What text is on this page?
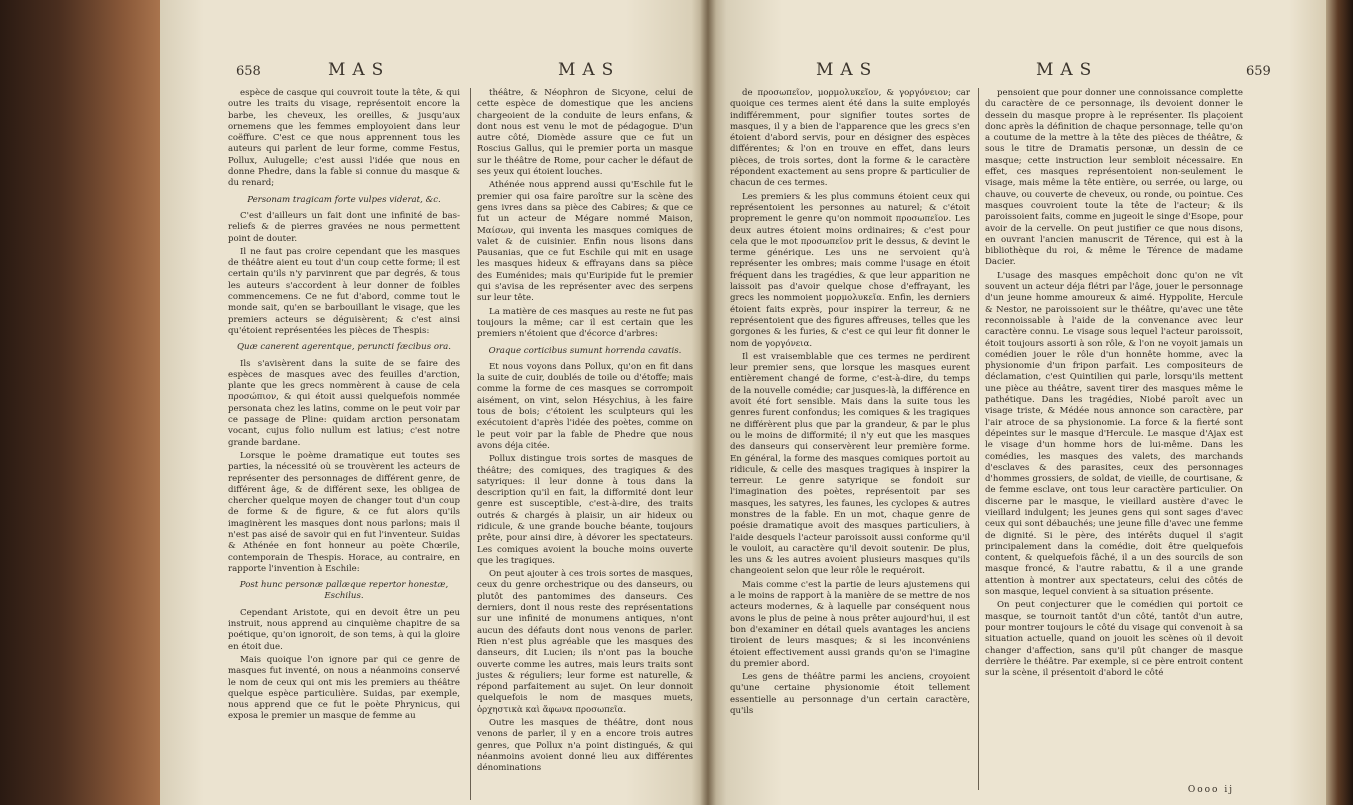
658	MAS	MAS

espèce de casque qui couvroit toute la tête, & qui outre les traits du visage, représentoit encore la barbe, les cheveux, les oreilles, & jusqu'aux ornemens que les femmes employoient dans leur coëffure. C'est ce que nous apprennent tous les auteurs qui parlent de leur forme, comme Festus, Pollux, Aulugelle; c'est aussi l'idée que nous en donne Phedre, dans la fable si connue du masque & du renard;

Personam tragicam forte vulpes viderat, &c.

C'est d'ailleurs un fait dont une infinité de bas-reliefs & de pierres gravées ne nous permettent point de douter.

Il ne faut pas croire cependant que les masques de théâtre aient eu tout d'un coup cette forme; il est certain qu'ils n'y parvinrent que par degrés, & tous les auteurs s'accordent à leur donner de foibles commencemens. Ce ne fut d'abord, comme tout le monde sait, qu'en se barbouillant le visage, que les premiers acteurs se déguisèrent; & c'est ainsi qu'étoient représentées les pièces de Thespis:

Quæ canerent agerentque, peruncti fæcibus ora.

Ils s'avisèrent dans la suite de se faire des espèces de masques avec des feuilles d'arction, plante que les grecs nommèrent à cause de cela προσώπιον, & qui étoit aussi quelquefois nommée personata chez les latins, comme on le peut voir par ce passage de Pline: quidam arction personatam vocant, cujus folio nullum est latius; c'est notre grande bardane.

Lorsque le poème dramatique eut toutes ses parties, la nécessité où se trouvèrent les acteurs de représenter des personnages de différent genre, de différent âge, & de différent sexe, les obligea de chercher quelque moyen de changer tout d'un coup de forme & de figure, & ce fut alors qu'ils imaginèrent les masques dont nous parlons; mais il n'est pas aisé de savoir qui en fut l'inventeur. Suidas & Athénée en font honneur au poète Chœrile, contemporain de Thespis. Horace, au contraire, en rapporte l'invention à Eschile:

Post hunc personæ pallæque repertor honestæ, Eschilus.

Cependant Aristote, qui en devoit être un peu instruit, nous apprend au cinquième chapitre de sa poétique, qu'on ignoroit, de son tems, à qui la gloire en étoit due.

Mais quoique l'on ignore par qui ce genre de masques fut inventé, on nous a néanmoins conservé le nom de ceux qui ont mis les premiers au théâtre quelque espèce particulière. Suidas, par exemple, nous apprend que ce fut le poète Phrynicus, qui exposa le premier un masque de femme au

théâtre, & Néophron de Sicyone, celui de cette espèce de domestique que les anciens chargeoient de la conduite de leurs enfans, & dont nous est venu le mot de pédagogue. D'un autre côté, Diomède assure que ce fut un Roscius Gallus, qui le premier porta un masque sur le théâtre de Rome, pour cacher le défaut de ses yeux qui étoient louches.

Athénée nous apprend aussi qu'Eschile fut le premier qui osa faire paroître sur la scène des gens ivres dans sa pièce des Cabires; & que ce fut un acteur de Mégare nommé Maison, Μαίσων, qui inventa les masques comiques de valet & de cuisinier. Enfin nous lisons dans Pausanias, que ce fut Eschile qui mit en usage les masques hideux & effrayans dans sa pièce des Euménides; mais qu'Euripide fut le premier qui s'avisa de les représenter avec des serpens sur leur tête.

La matière de ces masques au reste ne fut pas toujours la même; car il est certain que les premiers n'étoient que d'écorce d'arbres:

Oraque corticibus sumunt horrenda cavatis.

Et nous voyons dans Pollux, qu'on en fit dans la suite de cuir, doublés de toile ou d'étoffe; mais comme la forme de ces masques se corrompoit aisément, on vint, selon Hésychius, à les faire tous de bois; c'étoient les sculpteurs qui les exécutoient d'après l'idée des poètes, comme on le peut voir par la fable de Phedre que nous avons déja citée.

Pollux distingue trois sortes de masques de théâtre; des comiques, des tragiques & des satyriques: il leur donne à tous dans la description qu'il en fait, la difformité dont leur genre est susceptible, c'est-à-dire, des traits outrés & chargés à plaisir, un air hideux ou ridicule, & une grande bouche béante, toujours prête, pour ainsi dire, à dévorer les spectateurs. Les comiques avoient la bouche moins ouverte que les tragiques.

On peut ajouter à ces trois sortes de masques, ceux du genre orchestrique ou des danseurs, ou plutôt des pantomimes des danseurs. Ces derniers, dont il nous reste des représentations sur une infinité de monumens antiques, n'ont aucun des défauts dont nous venons de parler. Rien n'est plus agréable que les masques des danseurs, dit Lucien; ils n'ont pas la bouche ouverte comme les autres, mais leurs traits sont justes & réguliers; leur forme est naturelle, & répond parfaitement au sujet. On leur donnoit quelquefois le nom de masques muets, ὀρχηστικὰ καὶ ἄφωνα προσωπεῖα.

Outre les masques de théâtre, dont nous venons de parler, il y en a encore trois autres genres, que Pollux n'a point distingués, & qui néanmoins avoient donné lieu aux différentes dénominations

MAS	MAS	659

de προσωπεῖον, μορμολυκεῖον, & γοργόνειον; car quoique ces termes aient été dans la suite employés indifféremment, pour signifier toutes sortes de masques, il y a bien de l'apparence que les grecs s'en étoient d'abord servis, pour en désigner des espèces différentes; & l'on en trouve en effet, dans leurs pièces, de trois sortes, dont la forme & le caractère répondent exactement au sens propre & particulier de chacun de ces termes.

Les premiers & les plus communs étoient ceux qui représentoient les personnes au naturel; & c'étoit proprement le genre qu'on nommoit προσωπεῖον. Les deux autres étoient moins ordinaires; & c'est pour cela que le mot προσωπεῖον prit le dessus, & devint le terme générique. Les uns ne servoient qu'à représenter les ombres; mais comme l'usage en étoit fréquent dans les tragédies, & que leur apparition ne laissoit pas d'avoir quelque chose d'effrayant, les grecs les nommoient μορμολυκεῖα. Enfin, les derniers étoient faits exprès, pour inspirer la terreur, & ne représentoient que des figures affreuses, telles que les gorgones & les furies, & c'est ce qui leur fit donner le nom de γοργόνεια.

Il est vraisemblable que ces termes ne perdirent leur premier sens, que lorsque les masques eurent entièrement changé de forme, c'est-à-dire, du temps de la nouvelle comédie; car jusques-là, la différence en avoit été fort sensible. Mais dans la suite tous les genres furent confondus; les comiques & les tragiques ne différèrent plus que par la grandeur, & par le plus ou le moins de difformité; il n'y eut que les masques des danseurs qui conservèrent leur première forme. En général, la forme des masques comiques portoit au ridicule, & celle des masques tragiques à inspirer la terreur. Le genre satyrique se fondoit sur l'imagination des poètes, représentoit par ses masques, les satyres, les faunes, les cyclopes & autres monstres de la fable. En un mot, chaque genre de poésie dramatique avoit des masques particuliers, à l'aide desquels l'acteur paroissoit aussi conforme qu'il le vouloit, au caractère qu'il devoit soutenir. De plus, les uns & les autres avoient plusieurs masques qu'ils changeoient selon que leur rôle le requéroit.

Mais comme c'est la partie de leurs ajustemens qui a le moins de rapport à la manière de se mettre de nos acteurs modernes, & à laquelle par conséquent nous avons le plus de peine à nous prêter aujourd'hui, il est bon d'examiner en détail quels avantages les anciens tiroient de leurs masques; & si les inconvéniens étoient effectivement aussi grands qu'on se l'imagine du premier abord.

Les gens de théâtre parmi les anciens, croyoient qu'une certaine physionomie étoit tellement essentielle au personnage d'un certain caractère, qu'ils

pensoient que pour donner une connoissance complette du caractère de ce personnage, ils devoient donner le dessein du masque propre à le représenter. Ils plaçoient donc après la définition de chaque personnage, telle qu'on a coutume de la mettre à la tête des pièces de théâtre, & sous le titre de Dramatis personæ, un dessin de ce masque; cette instruction leur sembloit nécessaire. En effet, ces masques représentoient non-seulement le visage, mais même la tête entière, ou serrée, ou large, ou chauve, ou couverte de cheveux, ou ronde, ou pointue. Ces masques couvroient toute la tête de l'acteur; & ils paroissoient faits, comme en jugeoit le singe d'Esope, pour avoir de la cervelle. On peut justifier ce que nous disons, en ouvrant l'ancien manuscrit de Térence, qui est à la bibliothèque du roi, & même le Térence de madame Dacier.

L'usage des masques empêchoit donc qu'on ne vît souvent un acteur déja flétri par l'âge, jouer le personnage d'un jeune homme amoureux & aimé. Hyppolite, Hercule & Nestor, ne paroissoient sur le théâtre, qu'avec une tête reconnoissable à l'aide de la convenance avec leur caractère connu. Le visage sous lequel l'acteur paroissoit, étoit toujours assorti à son rôle, & l'on ne voyoit jamais un comédien jouer le rôle d'un honnête homme, avec la physionomie d'un fripon parfait. Les compositeurs de déclamation, c'est Quintilien qui parle, lorsqu'ils mettent une pièce au théâtre, savent tirer des masques même le pathétique. Dans les tragédies, Niobé paroît avec un visage triste, & Médée nous annonce son caractère, par l'air atroce de sa physionomie. La force & la fierté sont dépeintes sur le masque d'Hercule. Le masque d'Ajax est le visage d'un homme hors de lui-même. Dans les comédies, les masques des valets, des marchands d'esclaves & des parasites, ceux des personnages d'hommes grossiers, de soldat, de vieille, de courtisane, & de femme esclave, ont tous leur caractère particulier. On discerne par le masque, le vieillard austère d'avec le vieillard indulgent; les jeunes gens qui sont sages d'avec ceux qui sont débauchés; une jeune fille d'avec une femme de dignité. Si le père, des intérêts duquel il s'agit principalement dans la comédie, doit être quelquefois content, & quelquefois fâché, il a un des sourcils de son masque froncé, & l'autre rabattu, & il a une grande attention à montrer aux spectateurs, celui des côtés de son masque, lequel convient à sa situation présente.

On peut conjecturer que le comédien qui portoit ce masque, se tournoit tantôt d'un côté, tantôt d'un autre, pour montrer toujours le côté du visage qui convenoit à sa situation actuelle, quand on jouoit les scènes où il devoit changer d'affection, sans qu'il pût changer de masque derrière le théâtre. Par exemple, si ce père entroit content sur la scène, il présentoit d'abord le côté

Oooo ij
